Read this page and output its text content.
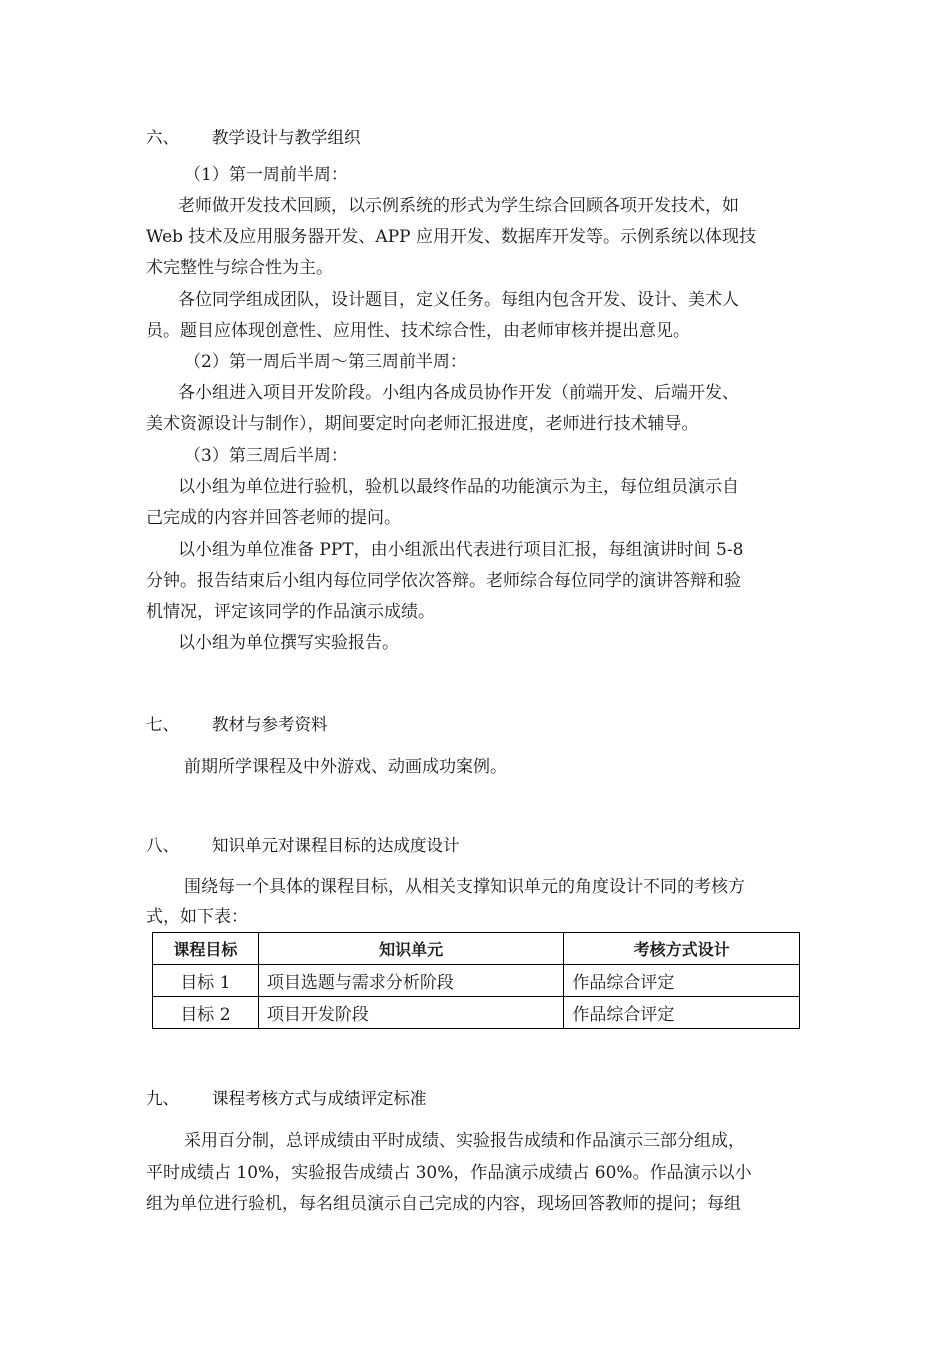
六、 教学设计与教学组织
（1）第一周前半周：
老师做开发技术回顾，以示例系统的形式为学生综合回顾各项开发技术，如
Web 技术及应用服务器开发、APP 应用开发、数据库开发等。示例系统以体现技
术完整性与综合性为主。
各位同学组成团队，设计题目，定义任务。每组内包含开发、设计、美术人
员。题目应体现创意性、应用性、技术综合性，由老师审核并提出意见。
（2）第一周后半周～第三周前半周：
各小组进入项目开发阶段。小组内各成员协作开发（前端开发、后端开发、
美术资源设计与制作），期间要定时向老师汇报进度，老师进行技术辅导。
（3）第三周后半周：
以小组为单位进行验机，验机以最终作品的功能演示为主，每位组员演示自
己完成的内容并回答老师的提问。
以小组为单位准备 PPT，由小组派出代表进行项目汇报，每组演讲时间 5-8
分钟。报告结束后小组内每位同学依次答辩。老师综合每位同学的演讲答辩和验
机情况，评定该同学的作品演示成绩。
以小组为单位撰写实验报告。
七、 教材与参考资料
前期所学课程及中外游戏、动画成功案例。
八、 知识单元对课程目标的达成度设计
围绕每一个具体的课程目标，从相关支撑知识单元的角度设计不同的考核方
式，如下表：
课程目标	知识单元	考核方式设计
目标 1	项目选题与需求分析阶段	作品综合评定
目标 2	项目开发阶段	作品综合评定
九、 课程考核方式与成绩评定标准
采用百分制，总评成绩由平时成绩、实验报告成绩和作品演示三部分组成，
平时成绩占 10%，实验报告成绩占 30%，作品演示成绩占 60%。作品演示以小
组为单位进行验机，每名组员演示自己完成的内容，现场回答教师的提问；每组
